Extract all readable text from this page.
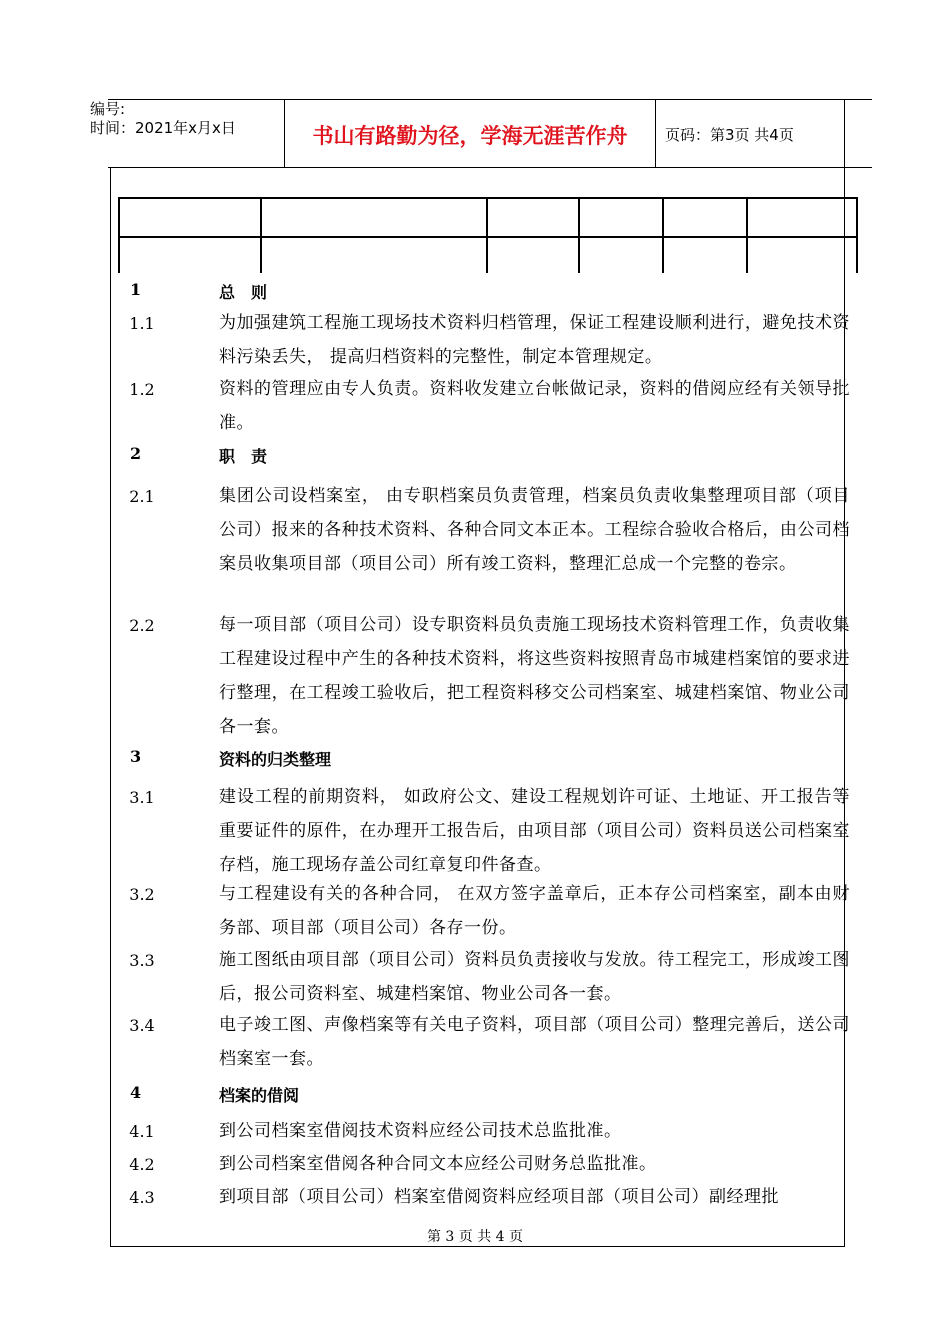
编号:
时间：2021年x月x日	书山有路勤为径，学海无涯苦作舟	页码：第3页 共4页
1	总　则
1.1	为加强建筑工程施工现场技术资料归档管理，保证工程建设顺利进行，避免技术资料污染丢失， 提高归档资料的完整性，制定本管理规定。
1.2	资料的管理应由专人负责。资料收发建立台帐做记录，资料的借阅应经有关领导批准。
2	职　责
2.1	集团公司设档案室， 由专职档案员负责管理，档案员负责收集整理项目部（项目公司）报来的各种技术资料、各种合同文本正本。工程综合验收合格后，由公司档案员收集项目部（项目公司）所有竣工资料，整理汇总成一个完整的卷宗。
2.2	每一项目部（项目公司）设专职资料员负责施工现场技术资料管理工作，负责收集工程建设过程中产生的各种技术资料，将这些资料按照青岛市城建档案馆的要求进行整理，在工程竣工验收后，把工程资料移交公司档案室、城建档案馆、物业公司各一套。
3	资料的归类整理
3.1	建设工程的前期资料， 如政府公文、建设工程规划许可证、土地证、开工报告等重要证件的原件，在办理开工报告后，由项目部（项目公司）资料员送公司档案室存档，施工现场存盖公司红章复印件备查。
3.2	与工程建设有关的各种合同， 在双方签字盖章后，正本存公司档案室，副本由财务部、项目部（项目公司）各存一份。
3.3	施工图纸由项目部（项目公司）资料员负责接收与发放。待工程完工，形成竣工图后，报公司资料室、城建档案馆、物业公司各一套。
3.4	电子竣工图、声像档案等有关电子资料，项目部（项目公司）整理完善后，送公司档案室一套。
4	档案的借阅
4.1	到公司档案室借阅技术资料应经公司技术总监批准。
4.2	到公司档案室借阅各种合同文本应经公司财务总监批准。
4.3	到项目部（项目公司）档案室借阅资料应经项目部（项目公司）副经理批
第 3 页 共 4 页
